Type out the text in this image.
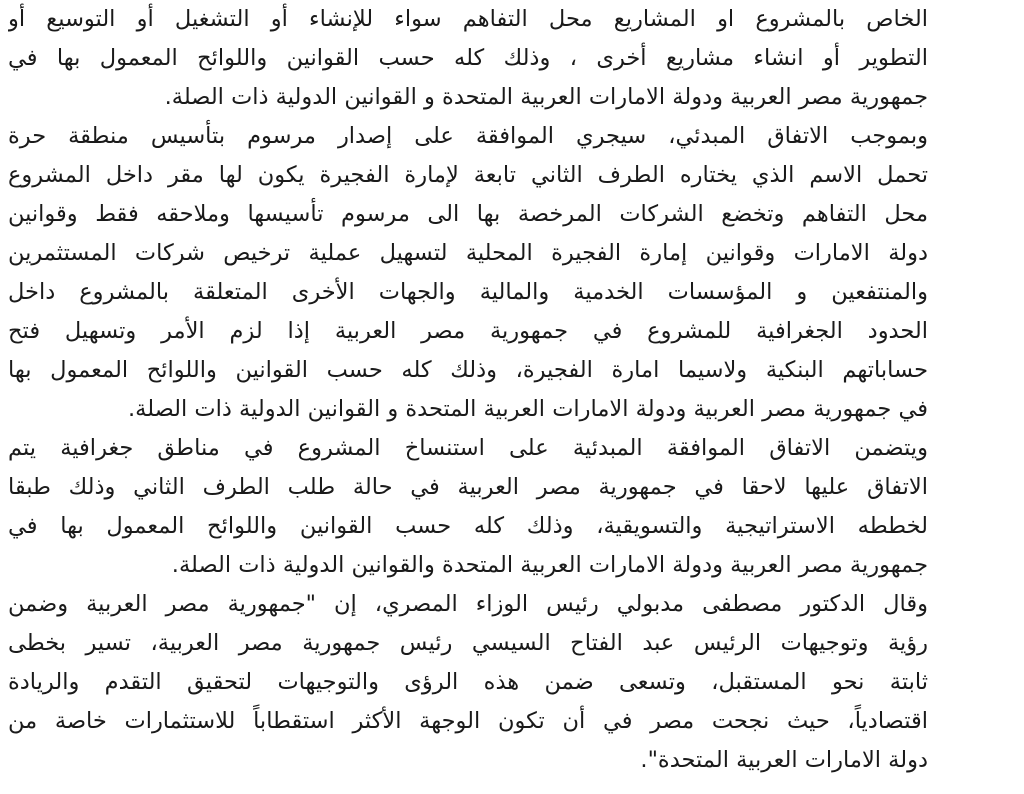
الخاص بالمشروع او المشاريع محل التفاهم سواء للإنشاء أو التشغيل أو التوسيع أو
التطوير أو انشاء مشاريع أخرى ، وذلك كله حسب القوانين واللوائح المعمول بها في
جمهورية مصر العربية ودولة الامارات العربية المتحدة و القوانين الدولية ذات الصلة.
وبموجب الاتفاق المبدئي، سيجري الموافقة على إصدار مرسوم بتأسيس منطقة حرة
تحمل الاسم الذي يختاره الطرف الثاني تابعة لإمارة الفجيرة يكون لها مقر داخل المشروع
محل التفاهم وتخضع الشركات المرخصة بها الى مرسوم تأسيسها وملاحقه فقط وقوانين
دولة الامارات وقوانين إمارة الفجيرة المحلية لتسهيل عملية ترخيص شركات المستثمرين
والمنتفعين و المؤسسات الخدمية والمالية والجهات الأخرى المتعلقة بالمشروع داخل
الحدود الجغرافية للمشروع في جمهورية مصر العربية إذا لزم الأمر وتسهيل فتح
حساباتهم البنكية ولاسيما امارة الفجيرة، وذلك كله حسب القوانين واللوائح المعمول بها
في جمهورية مصر العربية ودولة الامارات العربية المتحدة و القوانين الدولية ذات الصلة.
ويتضمن الاتفاق الموافقة المبدئية على استنساخ المشروع في مناطق جغرافية يتم
الاتفاق عليها لاحقا في جمهورية مصر العربية في حالة طلب الطرف الثاني وذلك طبقا
لخططه الاستراتيجية والتسويقية، وذلك كله حسب القوانين واللوائح المعمول بها في
جمهورية مصر العربية ودولة الامارات العربية المتحدة والقوانين الدولية ذات الصلة.
وقال الدكتور مصطفى مدبولي رئيس الوزاء المصري، إن "جمهورية مصر العربية وضمن
رؤية وتوجيهات الرئيس عبد الفتاح السيسي رئيس جمهورية مصر العربية، تسير بخطى
ثابتة نحو المستقبل، وتسعى ضمن هذه الرؤى والتوجيهات لتحقيق التقدم والريادة
اقتصادياً، حيث نجحت مصر في أن تكون الوجهة الأكثر استقطاباً للاستثمارات خاصة من
دولة الامارات العربية المتحدة".
